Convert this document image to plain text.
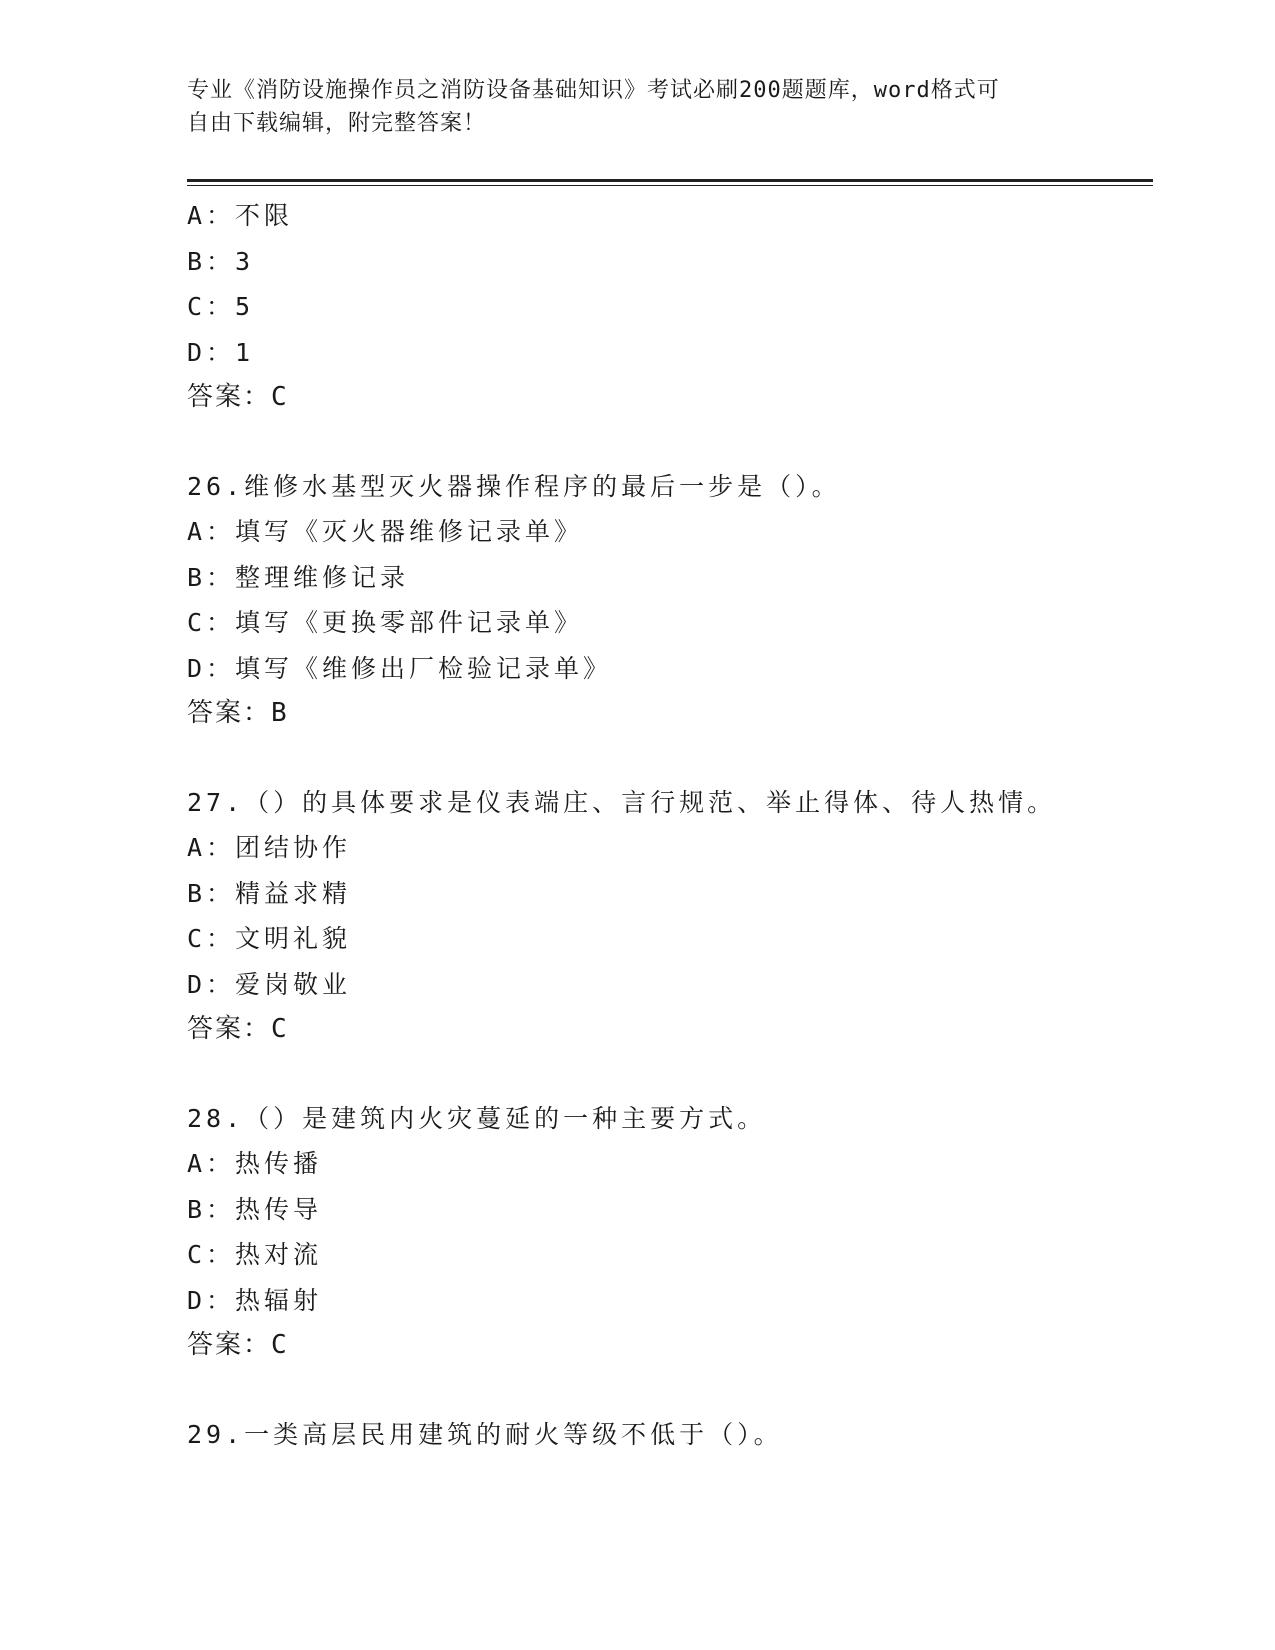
专业《消防设施操作员之消防设备基础知识》考试必刷200题题库，word格式可
自由下载编辑，附完整答案！
A：不限
B：3
C：5
D：1
答案：C
26.维修水基型灭火器操作程序的最后一步是（）。
A：填写《灭火器维修记录单》
B：整理维修记录
C：填写《更换零部件记录单》
D：填写《维修出厂检验记录单》
答案：B
27.（）的具体要求是仪表端庄、言行规范、举止得体、待人热情。
A：团结协作
B：精益求精
C：文明礼貌
D：爱岗敬业
答案：C
28.（）是建筑内火灾蔓延的一种主要方式。
A：热传播
B：热传导
C：热对流
D：热辐射
答案：C
29.一类高层民用建筑的耐火等级不低于（）。
